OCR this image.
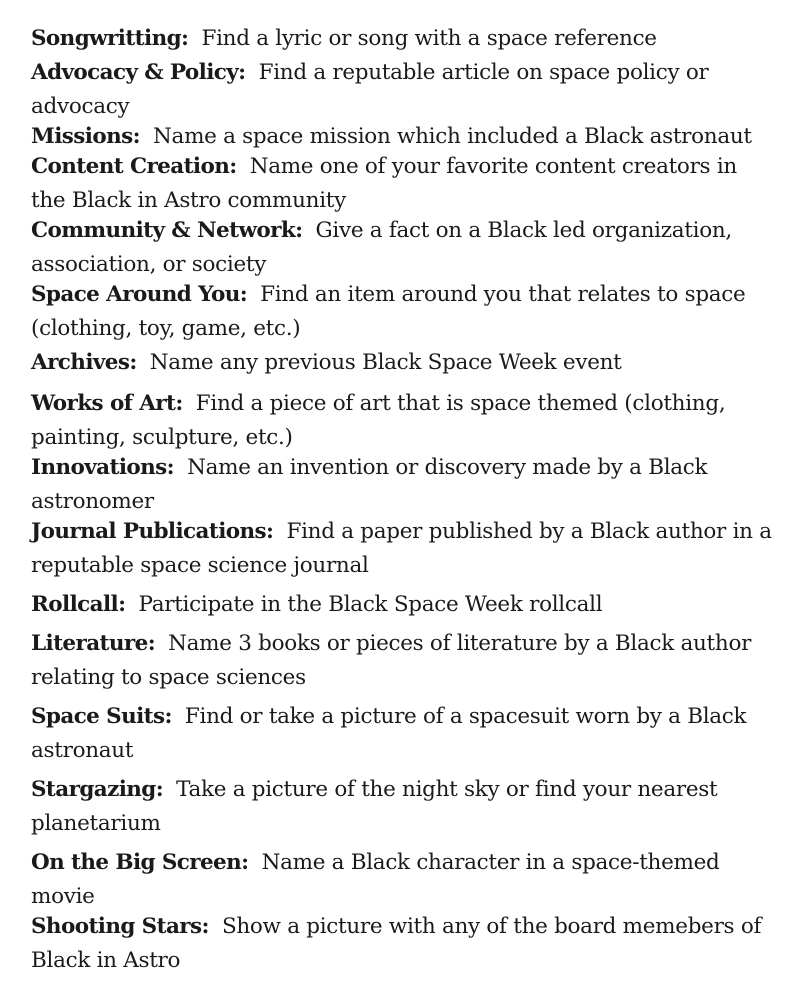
Songwritting: Find a lyric or song with a space reference
Advocacy & Policy: Find a reputable article on space policy or advocacy
Missions: Name a space mission which included a Black astronaut
Content Creation: Name one of your favorite content creators in the Black in Astro community
Community & Network: Give a fact on a Black led organization, association, or society
Space Around You: Find an item around you that relates to space (clothing, toy, game, etc.)
Archives: Name any previous Black Space Week event
Works of Art: Find a piece of art that is space themed (clothing, painting, sculpture, etc.)
Innovations: Name an invention or discovery made by a Black astronomer
Journal Publications: Find a paper published by a Black author in a reputable space science journal
Rollcall: Participate in the Black Space Week rollcall
Literature: Name 3 books or pieces of literature by a Black author relating to space sciences
Space Suits: Find or take a picture of a spacesuit worn by a Black astronaut
Stargazing: Take a picture of the night sky or find your nearest planetarium
On the Big Screen: Name a Black character in a space-themed movie
Shooting Stars: Show a picture with any of the board memebers of Black in Astro
